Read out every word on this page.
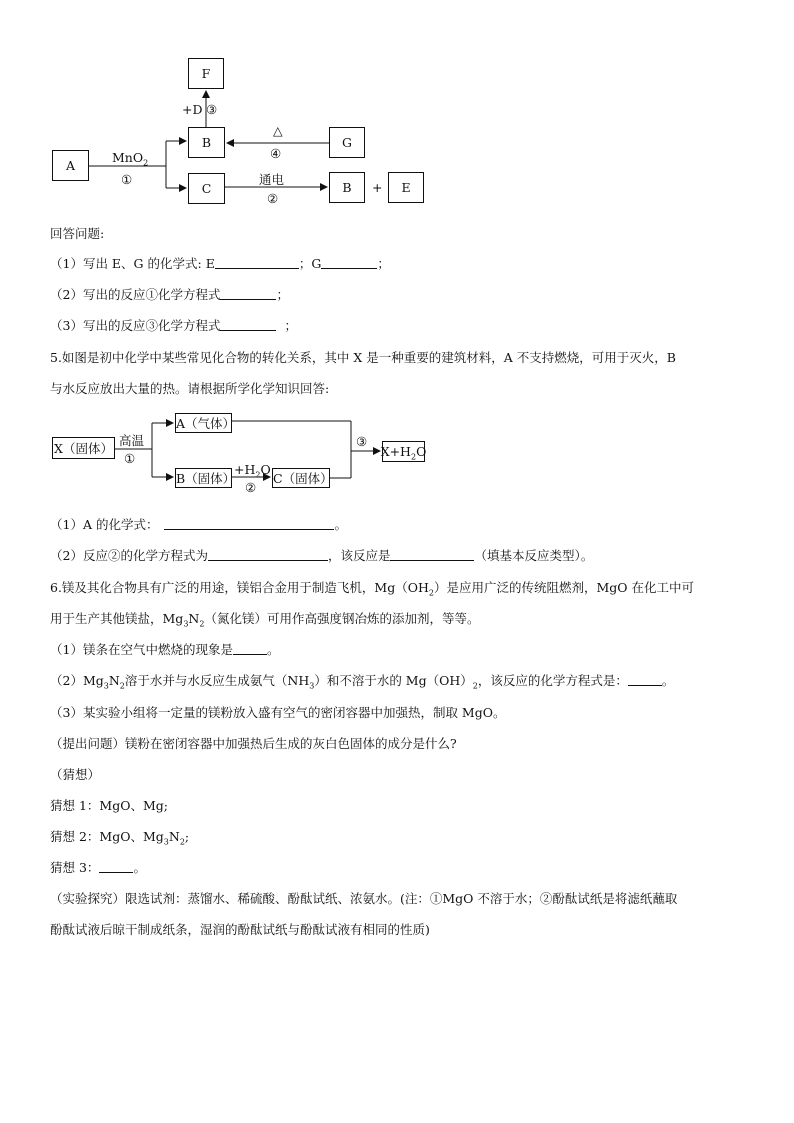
F
B	G
A
C	B	E
+D ③
△
④
MnO$_2$
①	通电
②
+
回答问题:
（1）写出 E、G 的化学式: E	；G	；
（2）写出的反应①化学方程式	；
（3）写出的反应③化学方程式	；
5.如图是初中化学中某些常见化合物的转化关系，其中 X 是一种重要的建筑材料，A 不支持燃烧，可用于灭火，B
与水反应放出大量的热。请根据所学化学知识回答:
X（固体）
A（气体）
B（固体）	C（固体）
$X+H_2O$
高温
①
$+H_2O$
②
③
（1）A 的化学式：	。
（2）反应②的化学方程式为	，该反应是	（填基本反应类型）。
6.镁及其化合物具有广泛的用途，镁铝合金用于制造飞机，$Mg(OH_2)$是应用广泛的传统阻燃剂，MgO 在化工中可
用于生产其他镁盐，$Mg_3N_2$（氮化镁）可用作高强度钢冶炼的添加剂，等等。
（1）镁条在空气中燃烧的现象是	。
$(2)Mg_3N_2$溶于水并与水反应生成氨气$(NH_3)$和不溶于水的 $Mg(OH)_2$，该反应的化学方程式是：	。
（3）某实验小组将一定量的镁粉放入盛有空气的密闭容器中加强热，制取 MgO。
（提出问题）镁粉在密闭容器中加强热后生成的灰白色固体的成分是什么?
（猜想）
猜想 1：MgO、Mg;
猜想 2：MgO、$Mg_3N_2$;
猜想 3：	。
（实验探究）限选试剂：蒸馏水、稀硫酸、酚酞试纸、浓氨水。(注：①MgO 不溶于水；②酚酞试纸是将滤纸蘸取
酚酞试液后晾干制成纸条，湿润的酚酞试纸与酚酞试液有相同的性质)
